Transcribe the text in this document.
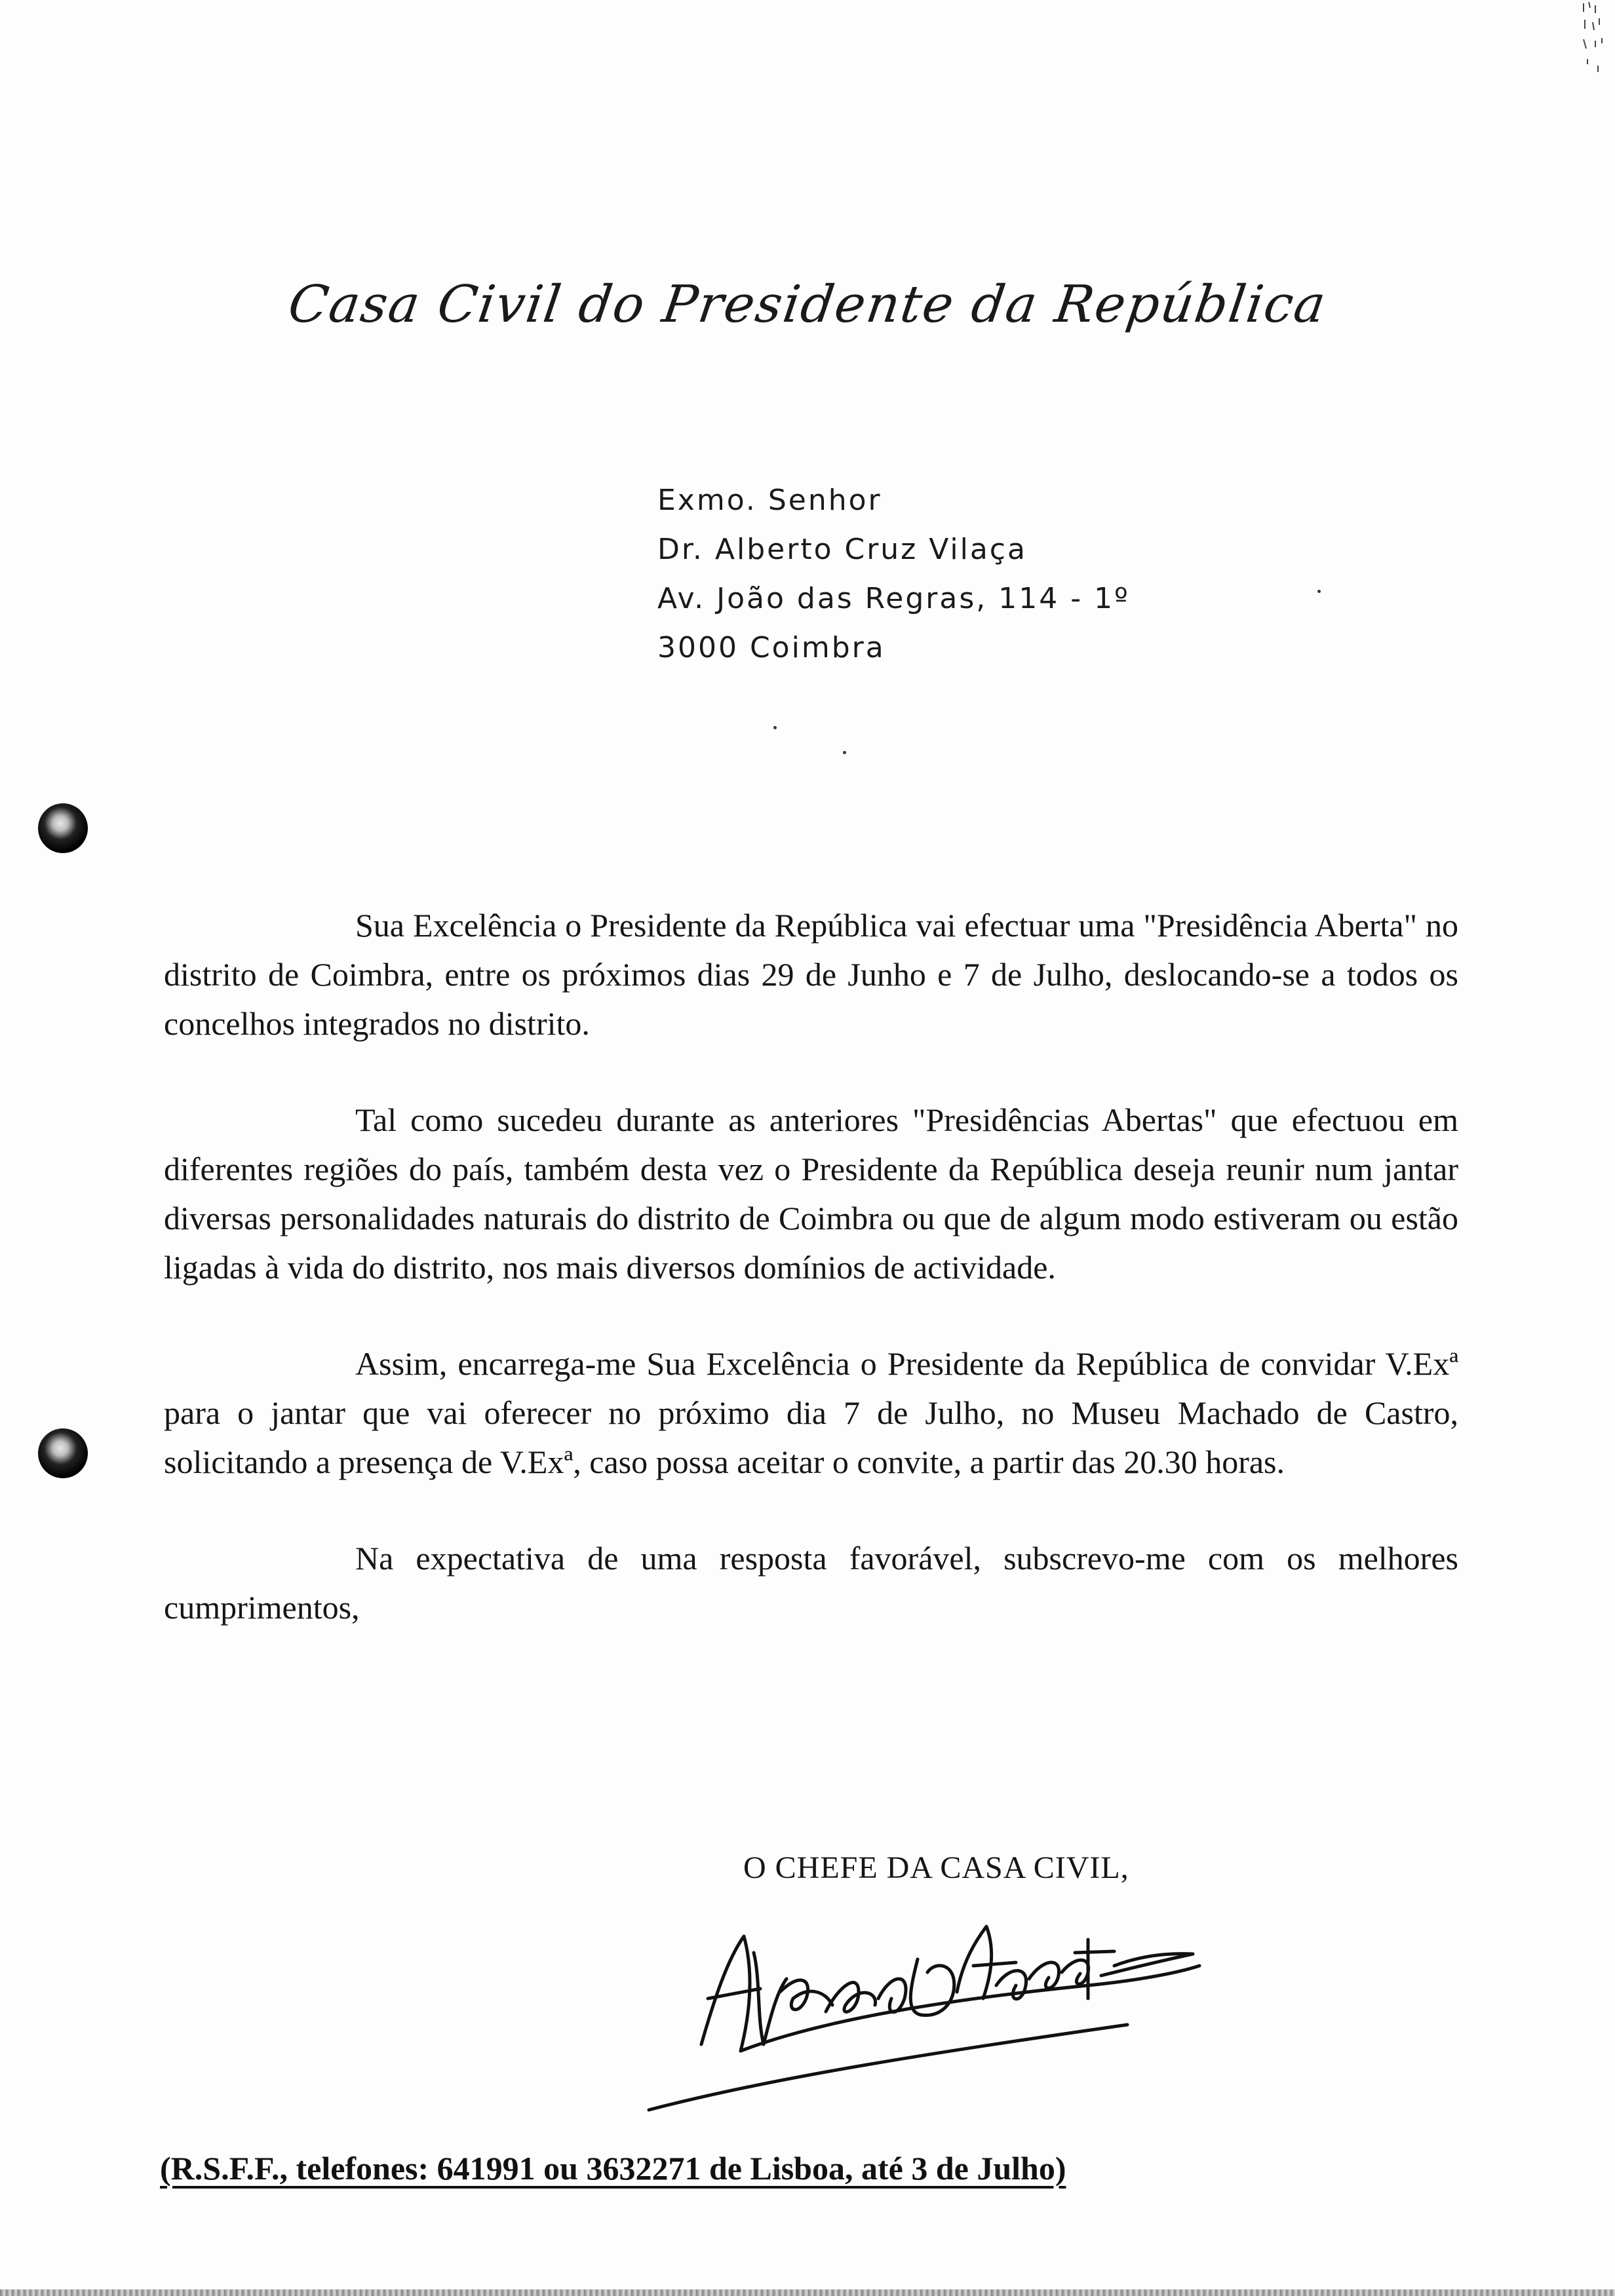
Casa Civil do Presidente da República
Exmo. Senhor
Dr. Alberto Cruz Vilaça
Av. João das Regras, 114 - 1º
3000 Coimbra

Sua Excelência o Presidente da República vai efectuar uma "Presidência Aberta" no distrito de Coimbra, entre os próximos dias 29 de Junho e 7 de Julho, deslocando-se a todos os concelhos integrados no distrito.

Tal como sucedeu durante as anteriores "Presidências Abertas" que efectuou em diferentes regiões do país, também desta vez o Presidente da República deseja reunir num jantar diversas personalidades naturais do distrito de Coimbra ou que de algum modo estiveram ou estão ligadas à vida do distrito, nos mais diversos domínios de actividade.

Assim, encarrega-me Sua Excelência o Presidente da República de convidar V.Exª para o jantar que vai oferecer no próximo dia 7 de Julho, no Museu Machado de Castro, solicitando a presença de V.Exª, caso possa aceitar o convite, a partir das 20.30 horas.

Na expectativa de uma resposta favorável, subscrevo-me com os melhores cumprimentos,

O CHEFE DA CASA CIVIL,
(R.S.F.F., telefones: 641991 ou 3632271 de Lisboa, até 3 de Julho)
